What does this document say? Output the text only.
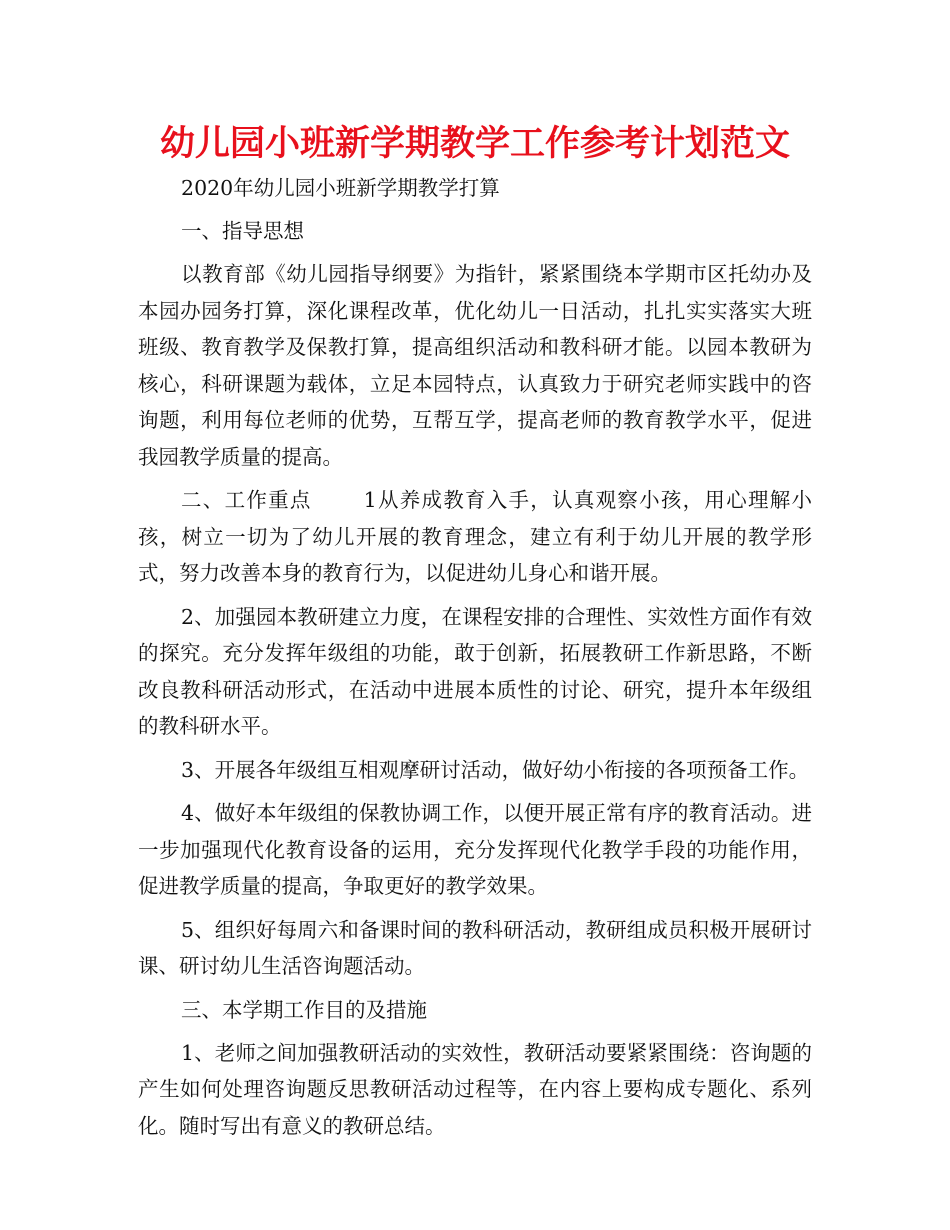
幼儿园小班新学期教学工作参考计划范文

2020年幼儿园小班新学期教学打算

一、指导思想

以教育部《幼儿园指导纲要》为指针，紧紧围绕本学期市区托幼办及本园办园务打算，深化课程改革，优化幼儿一日活动，扎扎实实落实大班班级、教育教学及保教打算，提高组织活动和教科研才能。以园本教研为核心，科研课题为载体，立足本园特点，认真致力于研究老师实践中的咨询题，利用每位老师的优势，互帮互学，提高老师的教育教学水平，促进我园教学质量的提高。

二、工作重点	1从养成教育入手，认真观察小孩，用心理解小孩，树立一切为了幼儿开展的教育理念，建立有利于幼儿开展的教学形式，努力改善本身的教育行为，以促进幼儿身心和谐开展。

2、加强园本教研建立力度，在课程安排的合理性、实效性方面作有效的探究。充分发挥年级组的功能，敢于创新，拓展教研工作新思路，不断改良教科研活动形式，在活动中进展本质性的讨论、研究，提升本年级组的教科研水平。

3、开展各年级组互相观摩研讨活动，做好幼小衔接的各项预备工作。

4、做好本年级组的保教协调工作，以便开展正常有序的教育活动。进一步加强现代化教育设备的运用，充分发挥现代化教学手段的功能作用，促进教学质量的提高，争取更好的教学效果。

5、组织好每周六和备课时间的教科研活动，教研组成员积极开展研讨课、研讨幼儿生活咨询题活动。

三、本学期工作目的及措施

1、老师之间加强教研活动的实效性，教研活动要紧紧围绕：咨询题的产生如何处理咨询题反思教研活动过程等，在内容上要构成专题化、系列化。随时写出有意义的教研总结。
